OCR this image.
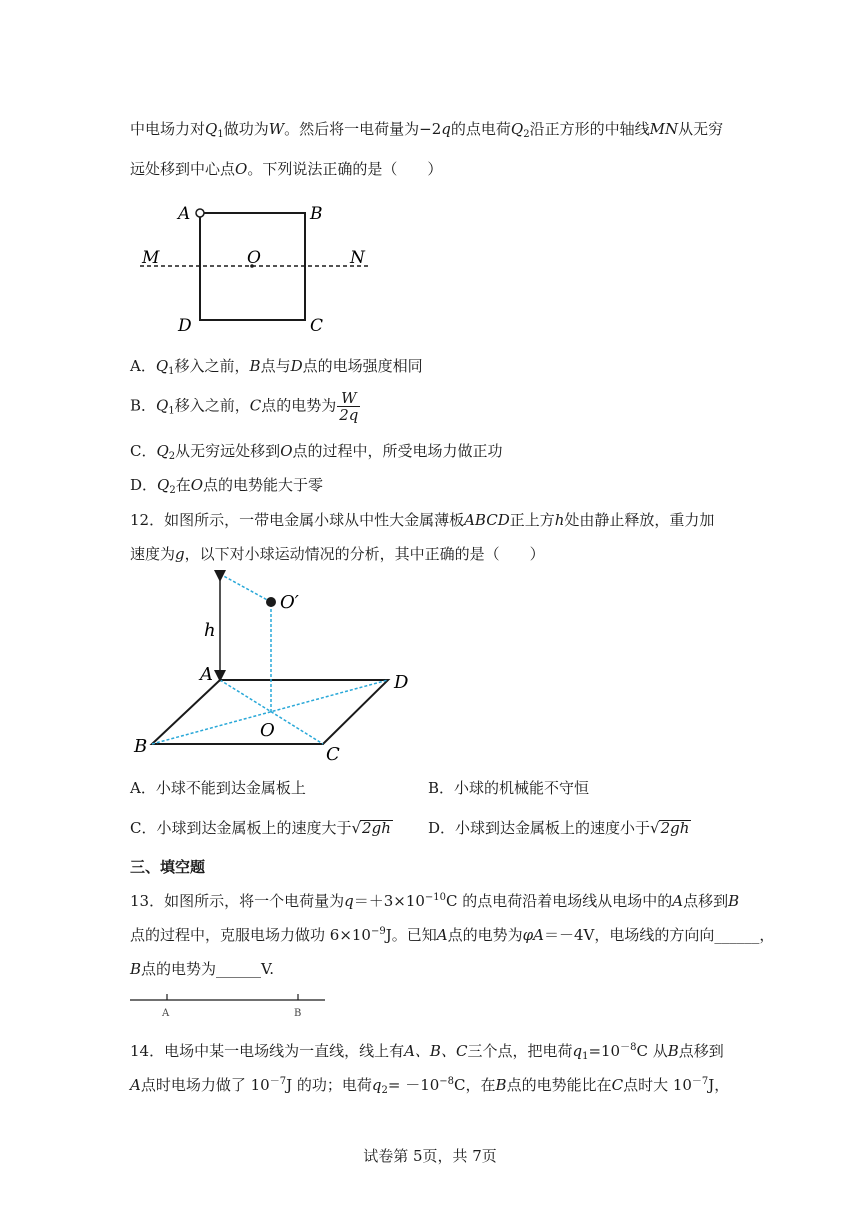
中电场力对$Q_1$做功为W。然后将一电荷量为−2q的点电荷$Q_2$沿正方形的中轴线MN从无穷
远处移到中心点O。下列说法正确的是（　　）
A	B
C
D
M	N
O
A．$Q_1$移入之前，B点与D点的电场强度相同
B．$Q_1$移入之前，C点的电势为 $\frac{W}{2q}$
C．$Q_2$从无穷远处移到O点的过程中，所受电场力做正功
D．$Q_2$在O点的电势能大于零
12．如图所示，一带电金属小球从中性大金属薄板ABCD正上方h处由静止释放，重力加
速度为g，以下对小球运动情况的分析，其中正确的是（　　）
h
O′
A
B	C
D
O
A．小球不能到达金属板上	B．小球的机械能不守恒
C．小球到达金属板上的速度大于√2gh D．小球到达金属板上的速度小于√2gh
三、填空题
13．如图所示，将一个电荷量为$q=+3\times 10^{-10}C$ 的点电荷沿着电场线从电场中的A点移到B
点的过程中，克服电场力做功 $6\times 10^{-9}J$。已知A点的电势为φA＝－4V，电场线的方向向______，
B点的电势为______V.
A	B
14．电场中某一电场线为一直线，线上有A、B、C三个点，把电荷$q_1=10^{-8}C$ 从B点移到
A点时电场力做了 $10^{-7}J$ 的功；电荷$q_2= -10^{-8}C$，在B点的电势能比在C点时大 $10^{-7}J$，
试卷第 5页，共 7页
